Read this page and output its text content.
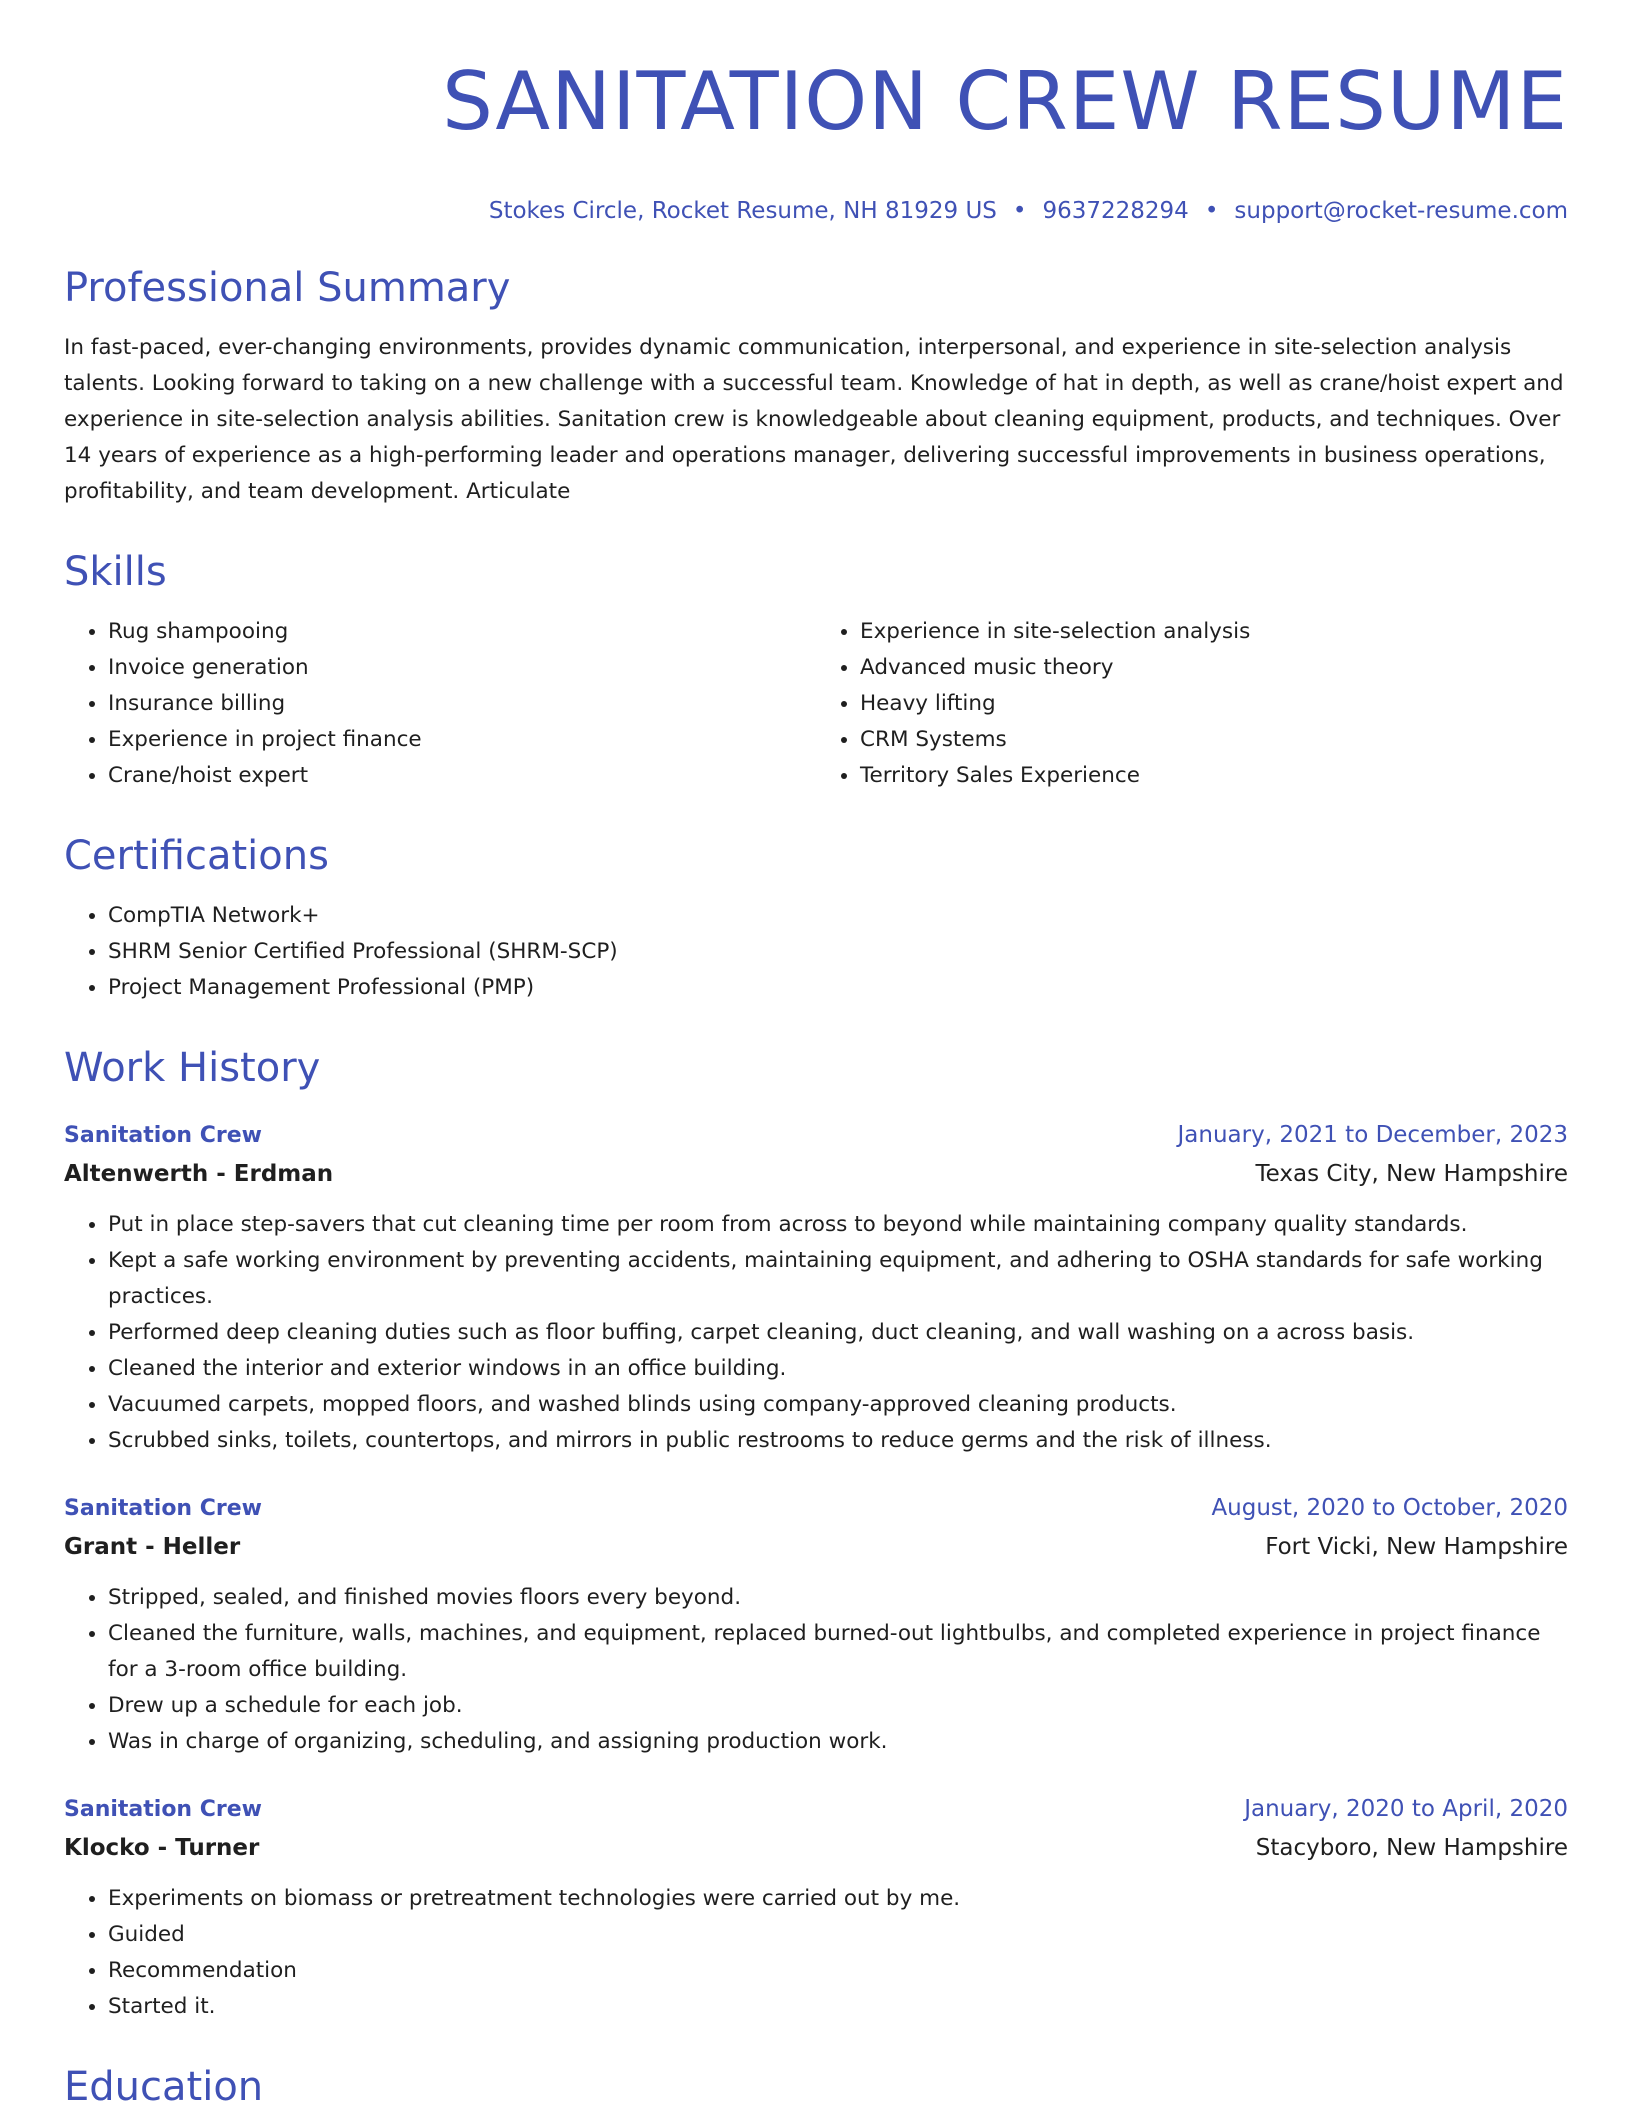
SANITATION CREW RESUME
Stokes Circle, Rocket Resume, NH 81929 US • 9637228294 • support@rocket-resume.com
Professional Summary

In fast-paced, ever-changing environments, provides dynamic communication, interpersonal, and experience in site-selection analysis talents. Looking forward to taking on a new challenge with a successful team. Knowledge of hat in depth, as well as crane/hoist expert and experience in site-selection analysis abilities. Sanitation crew is knowledgeable about cleaning equipment, products, and techniques. Over 14 years of experience as a high-performing leader and operations manager, delivering successful improvements in business operations, profitability, and team development. Articulate

Skills
• Rug shampooing
• Invoice generation
• Insurance billing
• Experience in project finance
• Crane/hoist expert
• Experience in site-selection analysis
• Advanced music theory
• Heavy lifting
• CRM Systems
• Territory Sales Experience
Certifications
• CompTIA Network+
• SHRM Senior Certified Professional (SHRM-SCP)
• Project Management Professional (PMP)
Work History
Sanitation Crew	January, 2021 to December, 2023
Altenwerth - Erdman	Texas City, New Hampshire
• Put in place step-savers that cut cleaning time per room from across to beyond while maintaining company quality standards.
• Kept a safe working environment by preventing accidents, maintaining equipment, and adhering to OSHA standards for safe working practices.
• Performed deep cleaning duties such as floor buffing, carpet cleaning, duct cleaning, and wall washing on a across basis.
• Cleaned the interior and exterior windows in an office building.
• Vacuumed carpets, mopped floors, and washed blinds using company-approved cleaning products.
• Scrubbed sinks, toilets, countertops, and mirrors in public restrooms to reduce germs and the risk of illness.
Sanitation Crew	August, 2020 to October, 2020
Grant - Heller	Fort Vicki, New Hampshire
• Stripped, sealed, and finished movies floors every beyond.
• Cleaned the furniture, walls, machines, and equipment, replaced burned-out lightbulbs, and completed experience in project finance for a 3-room office building.
• Drew up a schedule for each job.
• Was in charge of organizing, scheduling, and assigning production work.
Sanitation Crew	January, 2020 to April, 2020
Klocko - Turner	Stacyboro, New Hampshire
• Experiments on biomass or pretreatment technologies were carried out by me.
• Guided
• Recommendation
• Started it.
Education
